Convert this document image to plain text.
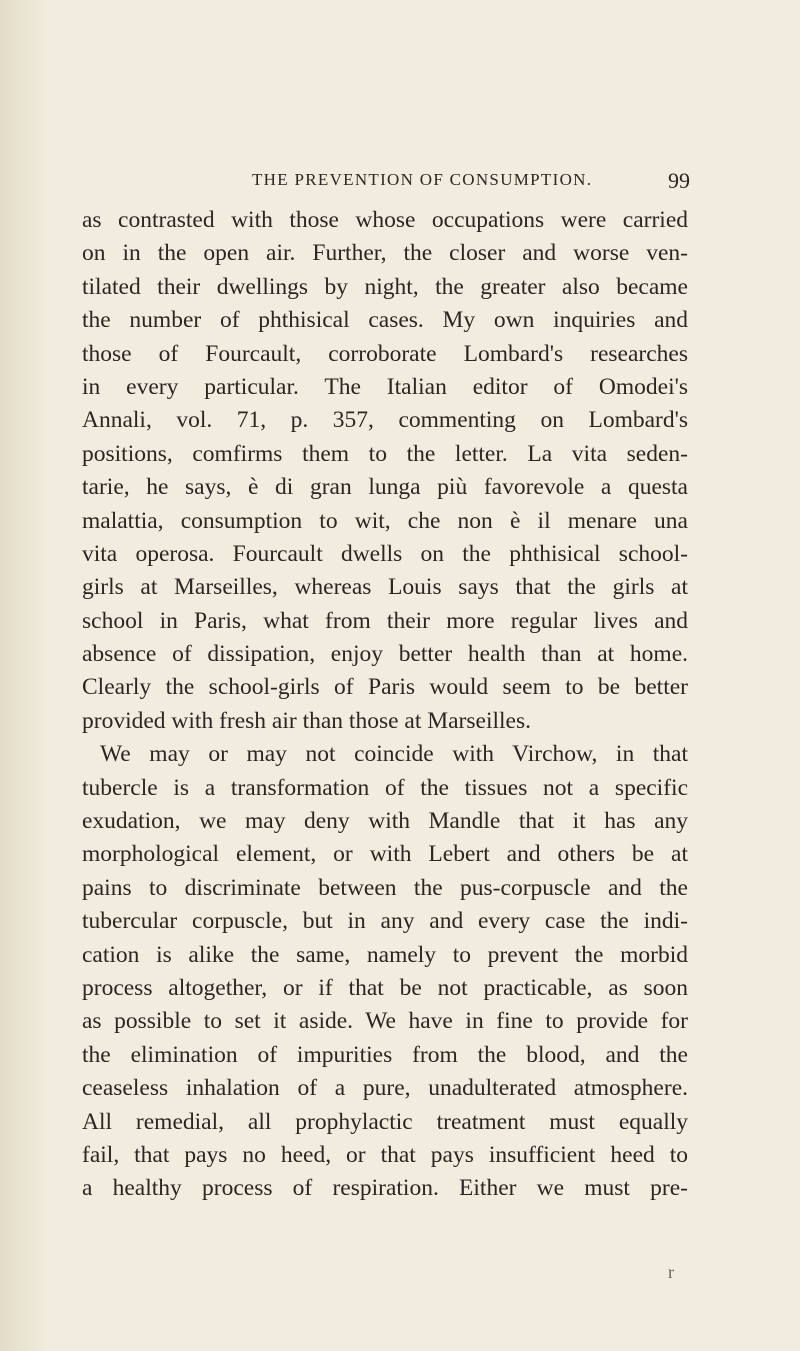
THE PREVENTION OF CONSUMPTION.	99
as contrasted with those whose occupations were carried
on in the open air. Further, the closer and worse ven-
tilated their dwellings by night, the greater also became
the number of phthisical cases. My own inquiries and
those of Fourcault, corroborate Lombard's researches
in every particular. The Italian editor of Omodei's
Annali, vol. 71, p. 357, commenting on Lombard's
positions, comfirms them to the letter. La vita seden-
tarie, he says, è di gran lunga più favorevole a questa
malattia, consumption to wit, che non è il menare una
vita operosa. Fourcault dwells on the phthisical school-
girls at Marseilles, whereas Louis says that the girls at
school in Paris, what from their more regular lives and
absence of dissipation, enjoy better health than at home.
Clearly the school-girls of Paris would seem to be better
provided with fresh air than those at Marseilles.
We may or may not coincide with Virchow, in that
tubercle is a transformation of the tissues not a specific
exudation, we may deny with Mandle that it has any
morphological element, or with Lebert and others be at
pains to discriminate between the pus-corpuscle and the
tubercular corpuscle, but in any and every case the indi-
cation is alike the same, namely to prevent the morbid
process altogether, or if that be not practicable, as soon
as possible to set it aside. We have in fine to provide for
the elimination of impurities from the blood, and the
ceaseless inhalation of a pure, unadulterated atmosphere.
All remedial, all prophylactic treatment must equally
fail, that pays no heed, or that pays insufficient heed to
a healthy process of respiration. Either we must pre-
r
